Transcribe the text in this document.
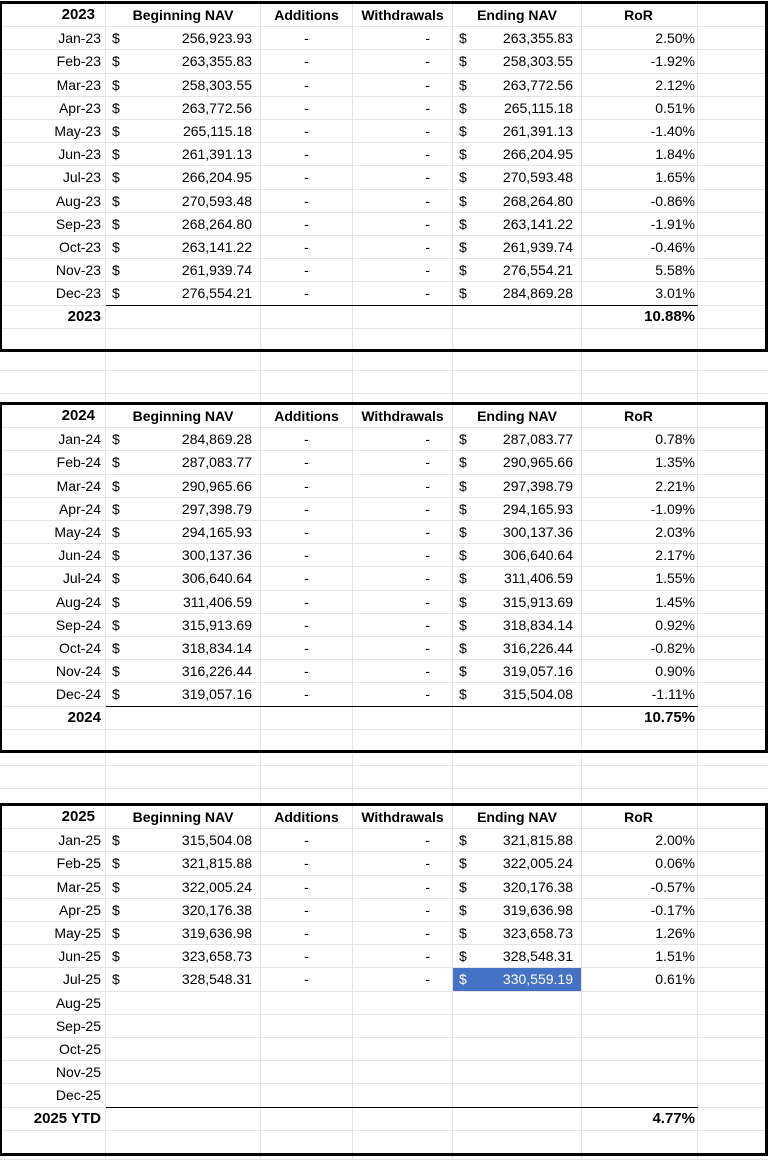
2023	Beginning NAV	Additions	Withdrawals	Ending NAV	RoR
Jan-23 $	256,923.93	-	-	$	263,355.83	2.50%
Feb-23 $	263,355.83	-	-	$	258,303.55	-1.92%
Mar-23 $	258,303.55	-	-	$	263,772.56	2.12%
Apr-23 $	263,772.56	-	-	$	265,115.18	0.51%
May-23 $	265,115.18	-	-	$	261,391.13	-1.40%
Jun-23 $	261,391.13	-	-	$	266,204.95	1.84%
Jul-23 $	266,204.95	-	-	$	270,593.48	1.65%
Aug-23 $	270,593.48	-	-	$	268,264.80	-0.86%
Sep-23 $	268,264.80	-	-	$	263,141.22	-1.91%
Oct-23 $	263,141.22	-	-	$	261,939.74	-0.46%
Nov-23 $	261,939.74	-	-	$	276,554.21	5.58%
Dec-23 $	276,554.21	-	-	$	284,869.28	3.01%
2023	10.88%
2024	Beginning NAV	Additions	Withdrawals	Ending NAV	RoR
Jan-24 $	284,869.28	-	-	$	287,083.77	0.78%
Feb-24 $	287,083.77	-	-	$	290,965.66	1.35%
Mar-24 $	290,965.66	-	-	$	297,398.79	2.21%
Apr-24 $	297,398.79	-	-	$	294,165.93	-1.09%
May-24 $	294,165.93	-	-	$	300,137.36	2.03%
Jun-24 $	300,137.36	-	-	$	306,640.64	2.17%
Jul-24 $	306,640.64	-	-	$	311,406.59	1.55%
Aug-24 $	311,406.59	-	-	$	315,913.69	1.45%
Sep-24 $	315,913.69	-	-	$	318,834.14	0.92%
Oct-24 $	318,834.14	-	-	$	316,226.44	-0.82%
Nov-24 $	316,226.44	-	-	$	319,057.16	0.90%
Dec-24 $	319,057.16	-	-	$	315,504.08	-1.11%
2024	10.75%
2025	Beginning NAV	Additions	Withdrawals	Ending NAV	RoR
Jan-25 $	315,504.08	-	-	$	321,815.88	2.00%
Feb-25 $	321,815.88	-	-	$	322,005.24	0.06%
Mar-25 $	322,005.24	-	-	$	320,176.38	-0.57%
Apr-25 $	320,176.38	-	-	$	319,636.98	-0.17%
May-25 $	319,636.98	-	-	$	323,658.73	1.26%
Jun-25 $	323,658.73	-	-	$	328,548.31	1.51%
Jul-25 $	328,548.31	-	-	$	330,559.19	0.61%
Aug-25
Sep-25
Oct-25
Nov-25
Dec-25
2025 YTD	4.77%
